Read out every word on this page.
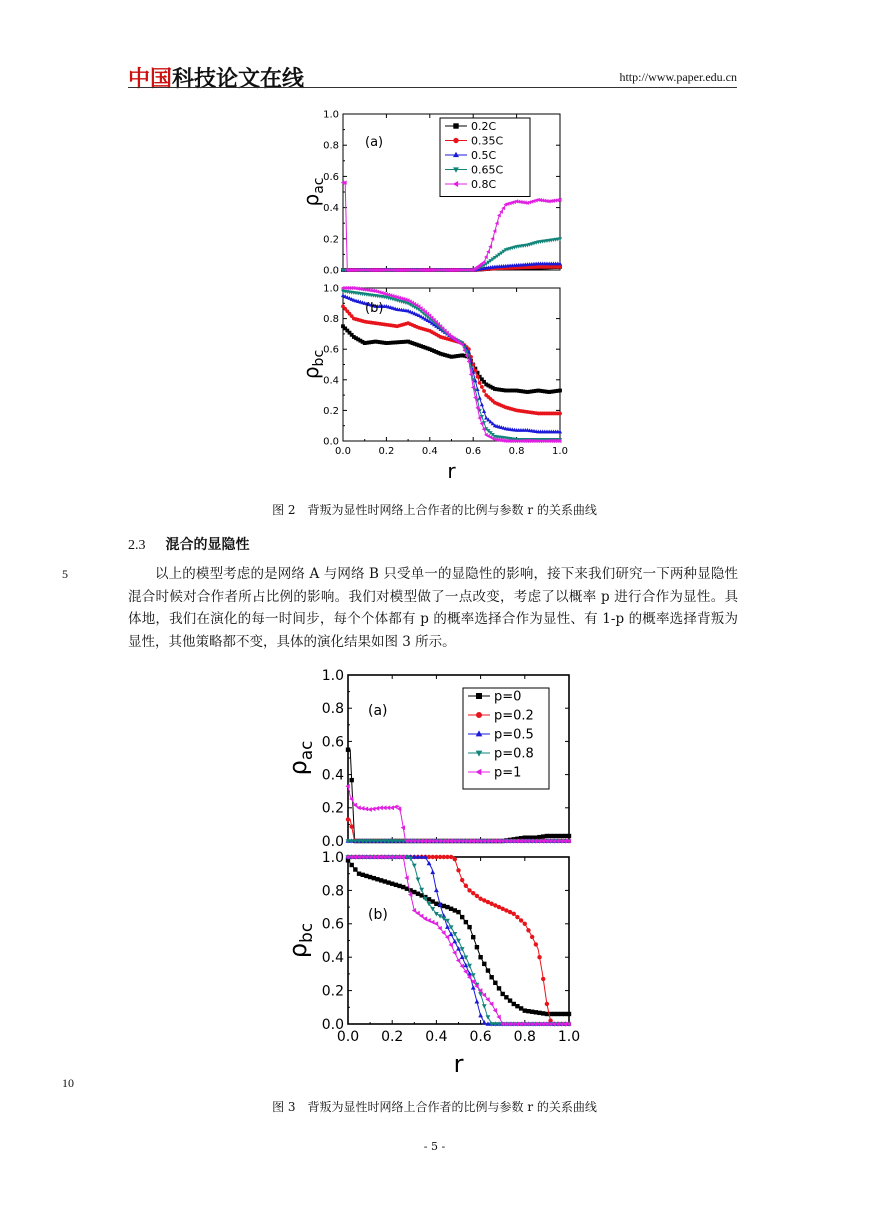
中国科技论文在线	http://www.paper.edu.cn
0.0
0.2
0.4
0.6
0.8
1.0
(a)
$\rho_{ac}$
0.2C
0.35C
0.5C
0.65C
0.8C
0.0
0.2
0.4
0.6
0.8
1.0
0.0	0.2	0.4	0.6	0.8	1.0
(b)
$\rho_{bc}$
r
图 2　背叛为显性时网络上合作者的比例与参数 r 的关系曲线
2.3 混合的显隐性
5	以上的模型考虑的是网络 A 与网络 B 只受单一的显隐性的影响，接下来我们研究一下两种显隐性混合时候对合作者所占比例的影响。我们对模型做了一点改变，考虑了以概率 p 进行合作为显性。具体地，我们在演化的每一时间步，每个个体都有 p 的概率选择合作为显性、有 1-p 的概率选择背叛为显性，其他策略都不变，具体的演化结果如图 3 所示。

0.0
0.2
0.4
0.6
0.8
1.0
(a)
$\rho_{ac}$
p=0
p=0.2
p=0.5
p=0.8
p=1
0.0
0.2
0.4
0.6
0.8
1.0
0.0 0.2 0.4 0.6 0.8 1.0
(b)
$\rho_{bc}$
r
10
图 3　背叛为显性时网络上合作者的比例与参数 r 的关系曲线
- 5 -
